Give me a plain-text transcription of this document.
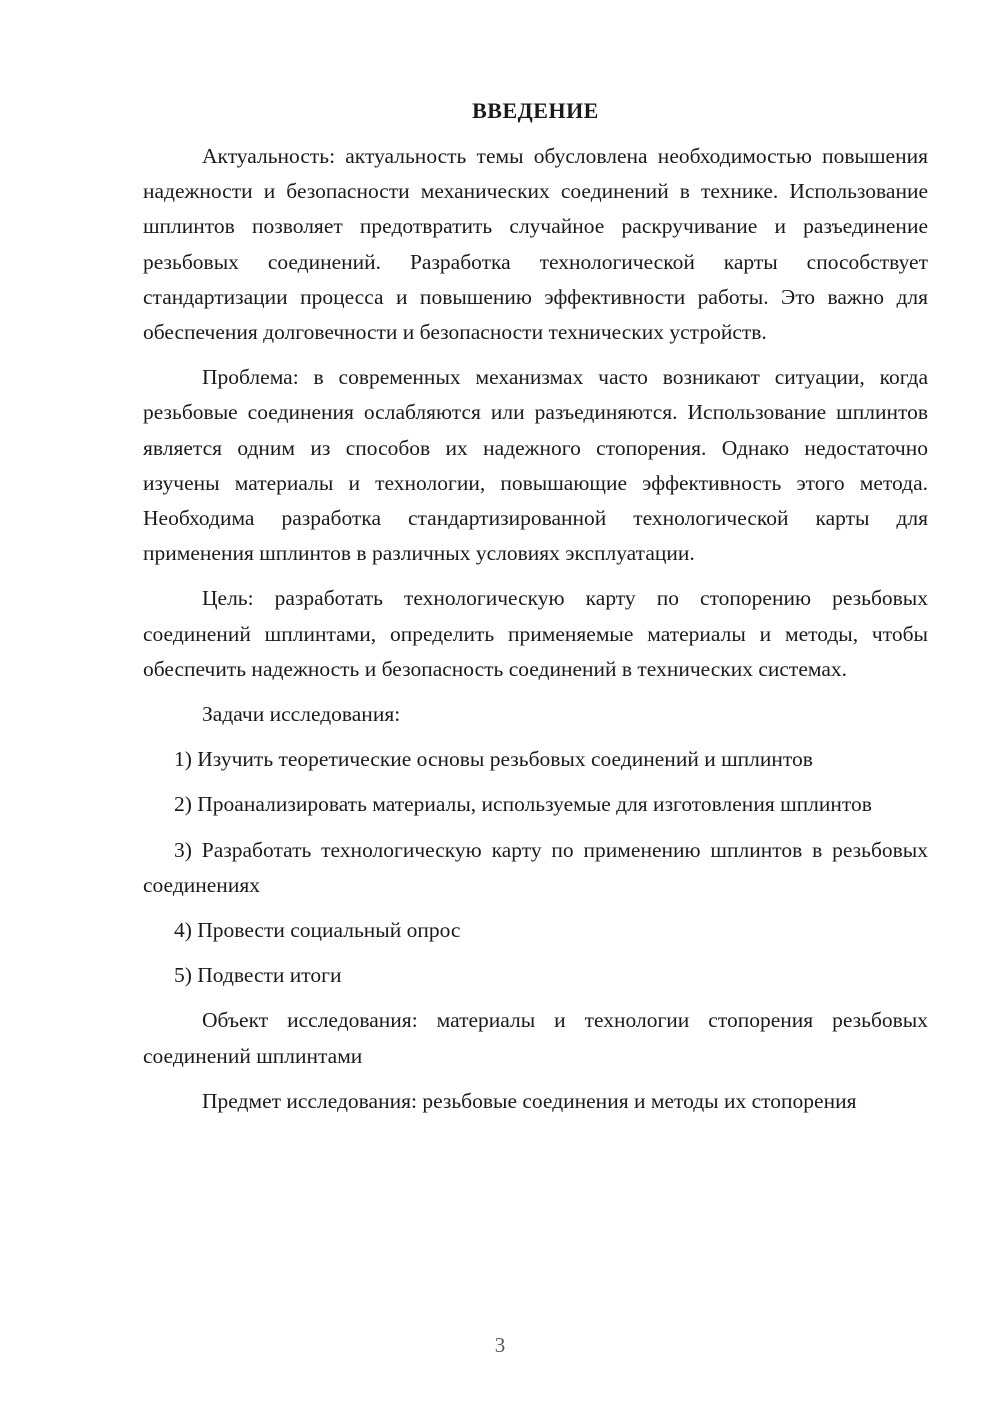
ВВЕДЕНИЕ

Актуальность: актуальность темы обусловлена необходимостью повышения надежности и безопасности механических соединений в технике. Использование шплинтов позволяет предотвратить случайное раскручивание и разъединение резьбовых соединений. Разработка технологической карты способствует стандартизации процесса и повышению эффективности работы. Это важно для обеспечения долговечности и безопасности технических устройств.

Проблема: в современных механизмах часто возникают ситуации, когда резьбовые соединения ослабляются или разъединяются. Использование шплинтов является одним из способов их надежного стопорения. Однако недостаточно изучены материалы и технологии, повышающие эффективность этого метода. Необходима разработка стандартизированной технологической карты для применения шплинтов в различных условиях эксплуатации.

Цель: разработать технологическую карту по стопорению резьбовых соединений шплинтами, определить применяемые материалы и методы, чтобы обеспечить надежность и безопасность соединений в технических системах.

Задачи исследования:

1) Изучить теоретические основы резьбовых соединений и шплинтов

2) Проанализировать материалы, используемые для изготовления шплинтов

3) Разработать технологическую карту по применению шплинтов в резьбовых соединениях

4) Провести социальный опрос

5) Подвести итоги

Объект исследования: материалы и технологии стопорения резьбовых соединений шплинтами

Предмет исследования: резьбовые соединения и методы их стопорения

3
